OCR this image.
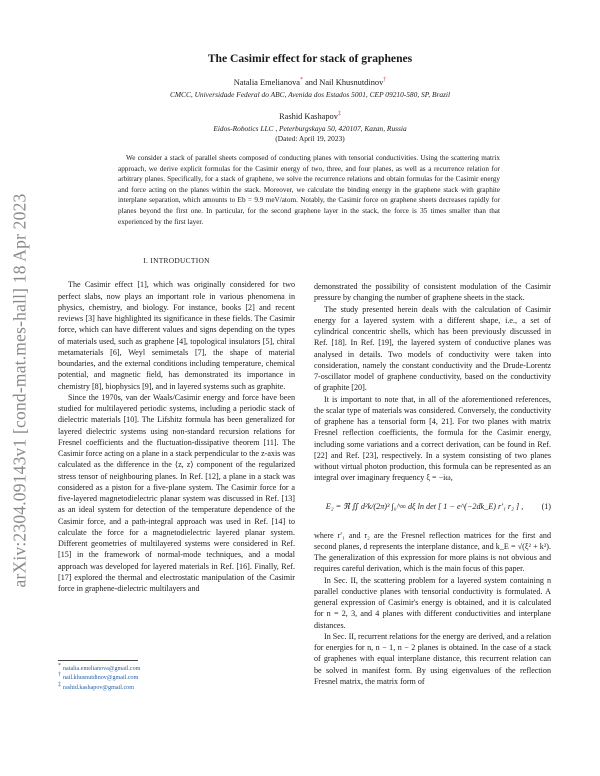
arXiv:2304.09143v1 [cond-mat.mes-hall] 18 Apr 2023
The Casimir effect for stack of graphenes
Natalia Emelianova* and Nail Khusnutdinov†
CMCC, Universidade Federal do ABC, Avenida dos Estados 5001, CEP 09210-580, SP, Brazil
Rashid Kashapov‡
Eidos-Robotics LLC , Peterburgskaya 50, 420107, Kazan, Russia
(Dated: April 19, 2023)

We consider a stack of parallel sheets composed of conducting planes with tensorial conductivities. Using the scattering matrix approach, we derive explicit formulas for the Casimir energy of two, three, and four planes, as well as a recurrence relation for arbitrary planes. Specifically, for a stack of graphene, we solve the recurrence relations and obtain formulas for the Casimir energy and force acting on the planes within the stack. Moreover, we calculate the binding energy in the graphene stack with graphite interplane separation, which amounts to Eb = 9.9 meV/atom. Notably, the Casimir force on graphene sheets decreases rapidly for planes beyond the first one. In particular, for the second graphene layer in the stack, the force is 35 times smaller than that experienced by the first layer.

I. INTRODUCTION

The Casimir effect [1], which was originally considered for two perfect slabs, now plays an important role in various phenomena in physics, chemistry, and biology. For instance, books [2] and recent reviews [3] have highlighted its significance in these fields. The Casimir force, which can have different values and signs depending on the types of materials used, such as graphene [4], topological insulators [5], chiral metamaterials [6], Weyl semimetals [7], the shape of material boundaries, and the external conditions including temperature, chemical potential, and magnetic field, has demonstrated its importance in chemistry [8], biophysics [9], and in layered systems such as graphite.

Since the 1970s, van der Waals/Casimir energy and force have been studied for multilayered periodic systems, including a periodic stack of dielectric materials [10]. The Lifshitz formula has been generalized for layered dielectric systems using non-standard recursion relations for Fresnel coefficients and the fluctuation-dissipative theorem [11]. The Casimir force acting on a plane in a stack perpendicular to the z-axis was calculated as the difference in the ⟨z, z⟩ component of the regularized stress tensor of neighbouring planes. In Ref. [12], a plane in a stack was considered as a piston for a five-plane system. The Casimir force for a five-layered magnetodielectric planar system was discussed in Ref. [13] as an ideal system for detection of the temperature dependence of the Casimir force, and a path-integral approach was used in Ref. [14] to calculate the force for a magnetodielectric layered planar system. Different geometries of multilayered systems were considered in Ref. [15] in the framework of normal-mode techniques, and a modal approach was developed for layered materials in Ref. [16]. Finally, Ref. [17] explored the thermal and electrostatic manipulation of the Casimir force in graphene-dielectric multilayers and

demonstrated the possibility of consistent modulation of the Casimir pressure by changing the number of graphene sheets in the stack.

The study presented herein deals with the calculation of Casimir energy for a layered system with a different shape, i.e., a set of cylindrical concentric shells, which has been previously discussed in Ref. [18]. In Ref. [19], the layered system of conductive planes was analysed in details. Two models of conductivity were taken into consideration, namely the constant conductivity and the Drude-Lorentz 7-oscillator model of graphene conductivity, based on the conductivity of graphite [20].

It is important to note that, in all of the aforementioned references, the scalar type of materials was considered. Conversely, the conductivity of graphene has a tensorial form [4, 21]. For two planes with matrix Fresnel reflection coefficients, the formula for the Casimir energy, including some variations and a correct derivation, can be found in Ref. [22] and Ref. [23], respectively. In a system consisting of two planes without virtual photon production, this formula can be represented as an integral over imaginary frequency ξ = −iω,

E₂ = ℜ ∬ d²k/(2π)³ ∫₀^∞ dξ ln det [ 1 − e^(−2dk_E) r′₁ r₂ ] ,	(1)

where r′₁ and r₂ are the Fresnel reflection matrices for the first and second planes, d represents the interplane distance, and k_E = √(ξ² + k²). The generalization of this expression for more plains is not obvious and requires careful derivation, which is the main focus of this paper.

In Sec. II, the scattering problem for a layered system containing n parallel conductive planes with tensorial conductivity is formulated. A general expression of Casimir's energy is obtained, and it is calculated for n = 2, 3, and 4 planes with different conductivities and interplane distances.

In Sec. II, recurrent relations for the energy are derived, and a relation for energies for n, n − 1, n − 2 planes is obtained. In the case of a stack of graphenes with equal interplane distance, this recurrent relation can be solved in manifest form. By using eigenvalues of the reflection Fresnel matrix, the matrix form of

*natalia.emelianova@gmail.com
†nail.khusnutdinov@gmail.com
‡rashid.kashapov@gmail.com
